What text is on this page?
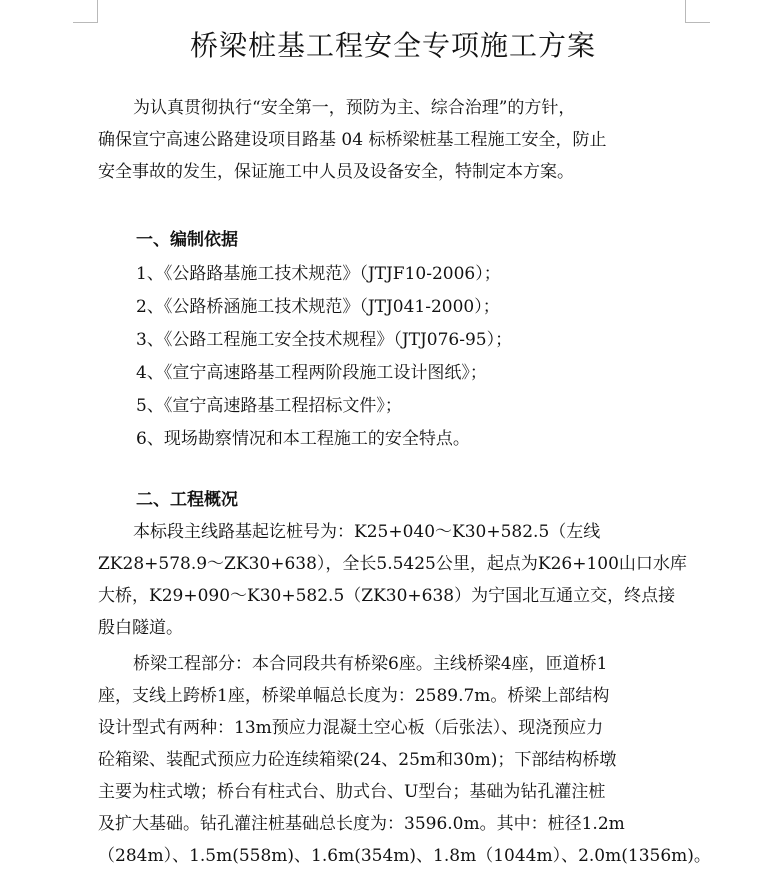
桥梁桩基工程安全专项施工方案

为认真贯彻执行“安全第一，预防为主、综合治理”的方针，
确保宣宁高速公路建设项目路基 04 标桥梁桩基工程施工安全，防止
安全事故的发生，保证施工中人员及设备安全，特制定本方案。

一、编制依据
1、《公路路基施工技术规范》（JTJF10-2006）；
2、《公路桥涵施工技术规范》（JTJ041-2000）；
3、《公路工程施工安全技术规程》（JTJ076-95）；
4、《宣宁高速路基工程两阶段施工设计图纸》；
5、《宣宁高速路基工程招标文件》；
6、现场勘察情况和本工程施工的安全特点。
二、工程概况

本标段主线路基起讫桩号为：K25+040～K30+582.5（左线
ZK28+578.9～ZK30+638），全长5.5425公里，起点为K26+100山口水库
大桥，K29+090～K30+582.5（ZK30+638）为宁国北互通立交，终点接
殷白隧道。

桥梁工程部分：本合同段共有桥梁6座。主线桥梁4座，匝道桥1
座，支线上跨桥1座，桥梁单幅总长度为：2589.7m。桥梁上部结构
设计型式有两种：13m预应力混凝土空心板（后张法）、现浇预应力
砼箱梁、装配式预应力砼连续箱梁(24、25m和30m)；下部结构桥墩
主要为柱式墩；桥台有柱式台、肋式台、U型台；基础为钻孔灌注桩
及扩大基础。钻孔灌注桩基础总长度为：3596.0m。其中：桩径1.2m
（284m）、1.5m(558m)、1.6m(354m)、1.8m（1044m）、2.0m(1356m)。
